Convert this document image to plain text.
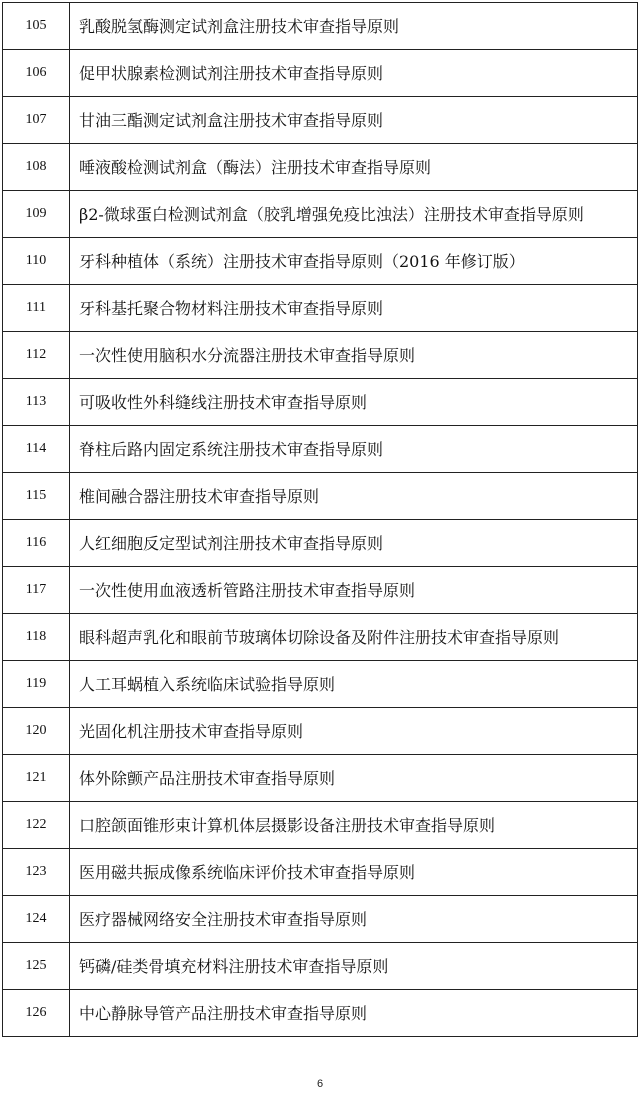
105	乳酸脱氢酶测定试剂盒注册技术审查指导原则
106	促甲状腺素检测试剂注册技术审查指导原则
107	甘油三酯测定试剂盒注册技术审查指导原则
108	唾液酸检测试剂盒（酶法）注册技术审查指导原则
109	β2-微球蛋白检测试剂盒（胶乳增强免疫比浊法）注册技术审查指导原则
110	牙科种植体（系统）注册技术审查指导原则（2016 年修订版）
111	牙科基托聚合物材料注册技术审查指导原则
112	一次性使用脑积水分流器注册技术审查指导原则
113	可吸收性外科缝线注册技术审查指导原则
114	脊柱后路内固定系统注册技术审查指导原则
115	椎间融合器注册技术审查指导原则
116	人红细胞反定型试剂注册技术审查指导原则
117	一次性使用血液透析管路注册技术审查指导原则
118	眼科超声乳化和眼前节玻璃体切除设备及附件注册技术审查指导原则
119	人工耳蜗植入系统临床试验指导原则
120	光固化机注册技术审查指导原则
121	体外除颤产品注册技术审查指导原则
122	口腔颌面锥形束计算机体层摄影设备注册技术审查指导原则
123	医用磁共振成像系统临床评价技术审查指导原则
124	医疗器械网络安全注册技术审查指导原则
125	钙磷/硅类骨填充材料注册技术审查指导原则
126	中心静脉导管产品注册技术审查指导原则
6
